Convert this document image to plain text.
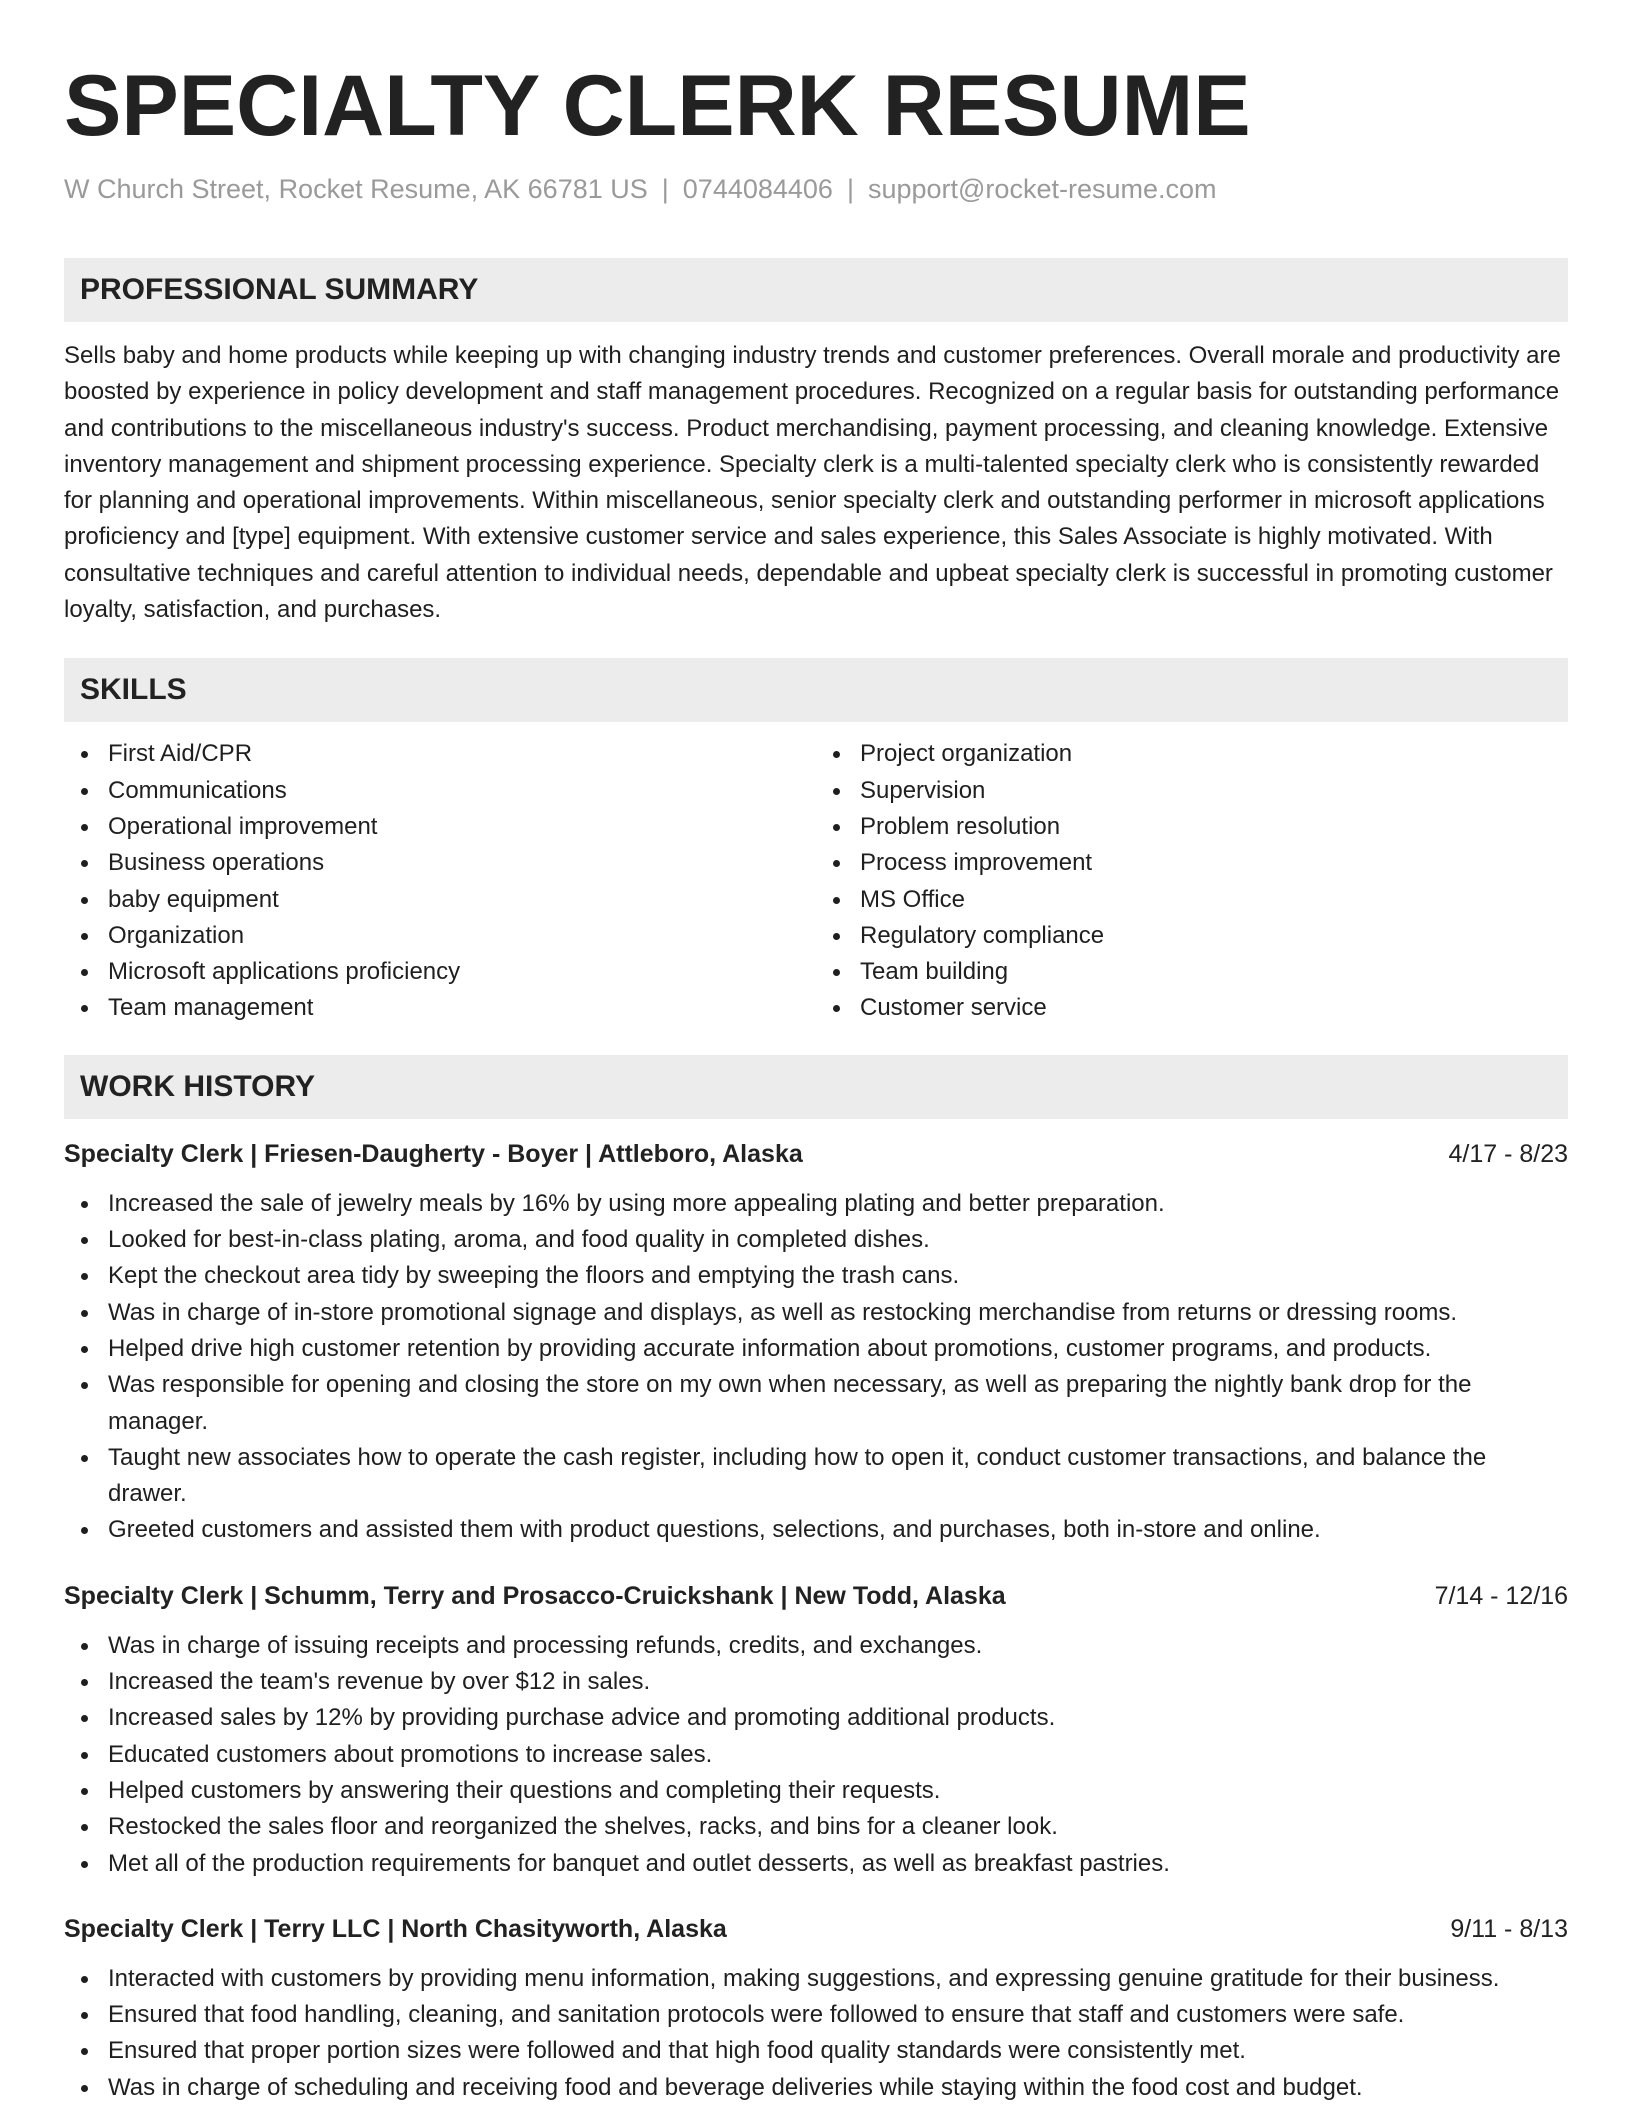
SPECIALTY CLERK RESUME
W Church Street, Rocket Resume, AK 66781 US | 0744084406 | support@rocket-resume.com
PROFESSIONAL SUMMARY

Sells baby and home products while keeping up with changing industry trends and customer preferences. Overall morale and productivity are boosted by experience in policy development and staff management procedures. Recognized on a regular basis for outstanding performance and contributions to the miscellaneous industry's success. Product merchandising, payment processing, and cleaning knowledge. Extensive inventory management and shipment processing experience. Specialty clerk is a multi-talented specialty clerk who is consistently rewarded for planning and operational improvements. Within miscellaneous, senior specialty clerk and outstanding performer in microsoft applications proficiency and [type] equipment. With extensive customer service and sales experience, this Sales Associate is highly motivated. With consultative techniques and careful attention to individual needs, dependable and upbeat specialty clerk is successful in promoting customer loyalty, satisfaction, and purchases.

SKILLS
First Aid/CPR
Communications
Operational improvement
Business operations
baby equipment
Organization
Microsoft applications proficiency
Team management
Project organization
Supervision
Problem resolution
Process improvement
MS Office
Regulatory compliance
Team building
Customer service
WORK HISTORY
Specialty Clerk | Friesen-Daugherty - Boyer | Attleboro, Alaska	4/17 - 8/23
Increased the sale of jewelry meals by 16% by using more appealing plating and better preparation.
Looked for best-in-class plating, aroma, and food quality in completed dishes.
Kept the checkout area tidy by sweeping the floors and emptying the trash cans.
Was in charge of in-store promotional signage and displays, as well as restocking merchandise from returns or dressing rooms.
Helped drive high customer retention by providing accurate information about promotions, customer programs, and products.
Was responsible for opening and closing the store on my own when necessary, as well as preparing the nightly bank drop for the manager.
Taught new associates how to operate the cash register, including how to open it, conduct customer transactions, and balance the drawer.
Greeted customers and assisted them with product questions, selections, and purchases, both in-store and online.
Specialty Clerk | Schumm, Terry and Prosacco-Cruickshank | New Todd, Alaska	7/14 - 12/16
Was in charge of issuing receipts and processing refunds, credits, and exchanges.
Increased the team's revenue by over $12 in sales.
Increased sales by 12% by providing purchase advice and promoting additional products.
Educated customers about promotions to increase sales.
Helped customers by answering their questions and completing their requests.
Restocked the sales floor and reorganized the shelves, racks, and bins for a cleaner look.
Met all of the production requirements for banquet and outlet desserts, as well as breakfast pastries.
Specialty Clerk | Terry LLC | North Chasityworth, Alaska	9/11 - 8/13
Interacted with customers by providing menu information, making suggestions, and expressing genuine gratitude for their business.
Ensured that food handling, cleaning, and sanitation protocols were followed to ensure that staff and customers were safe.
Ensured that proper portion sizes were followed and that high food quality standards were consistently met.
Was in charge of scheduling and receiving food and beverage deliveries while staying within the food cost and budget.
